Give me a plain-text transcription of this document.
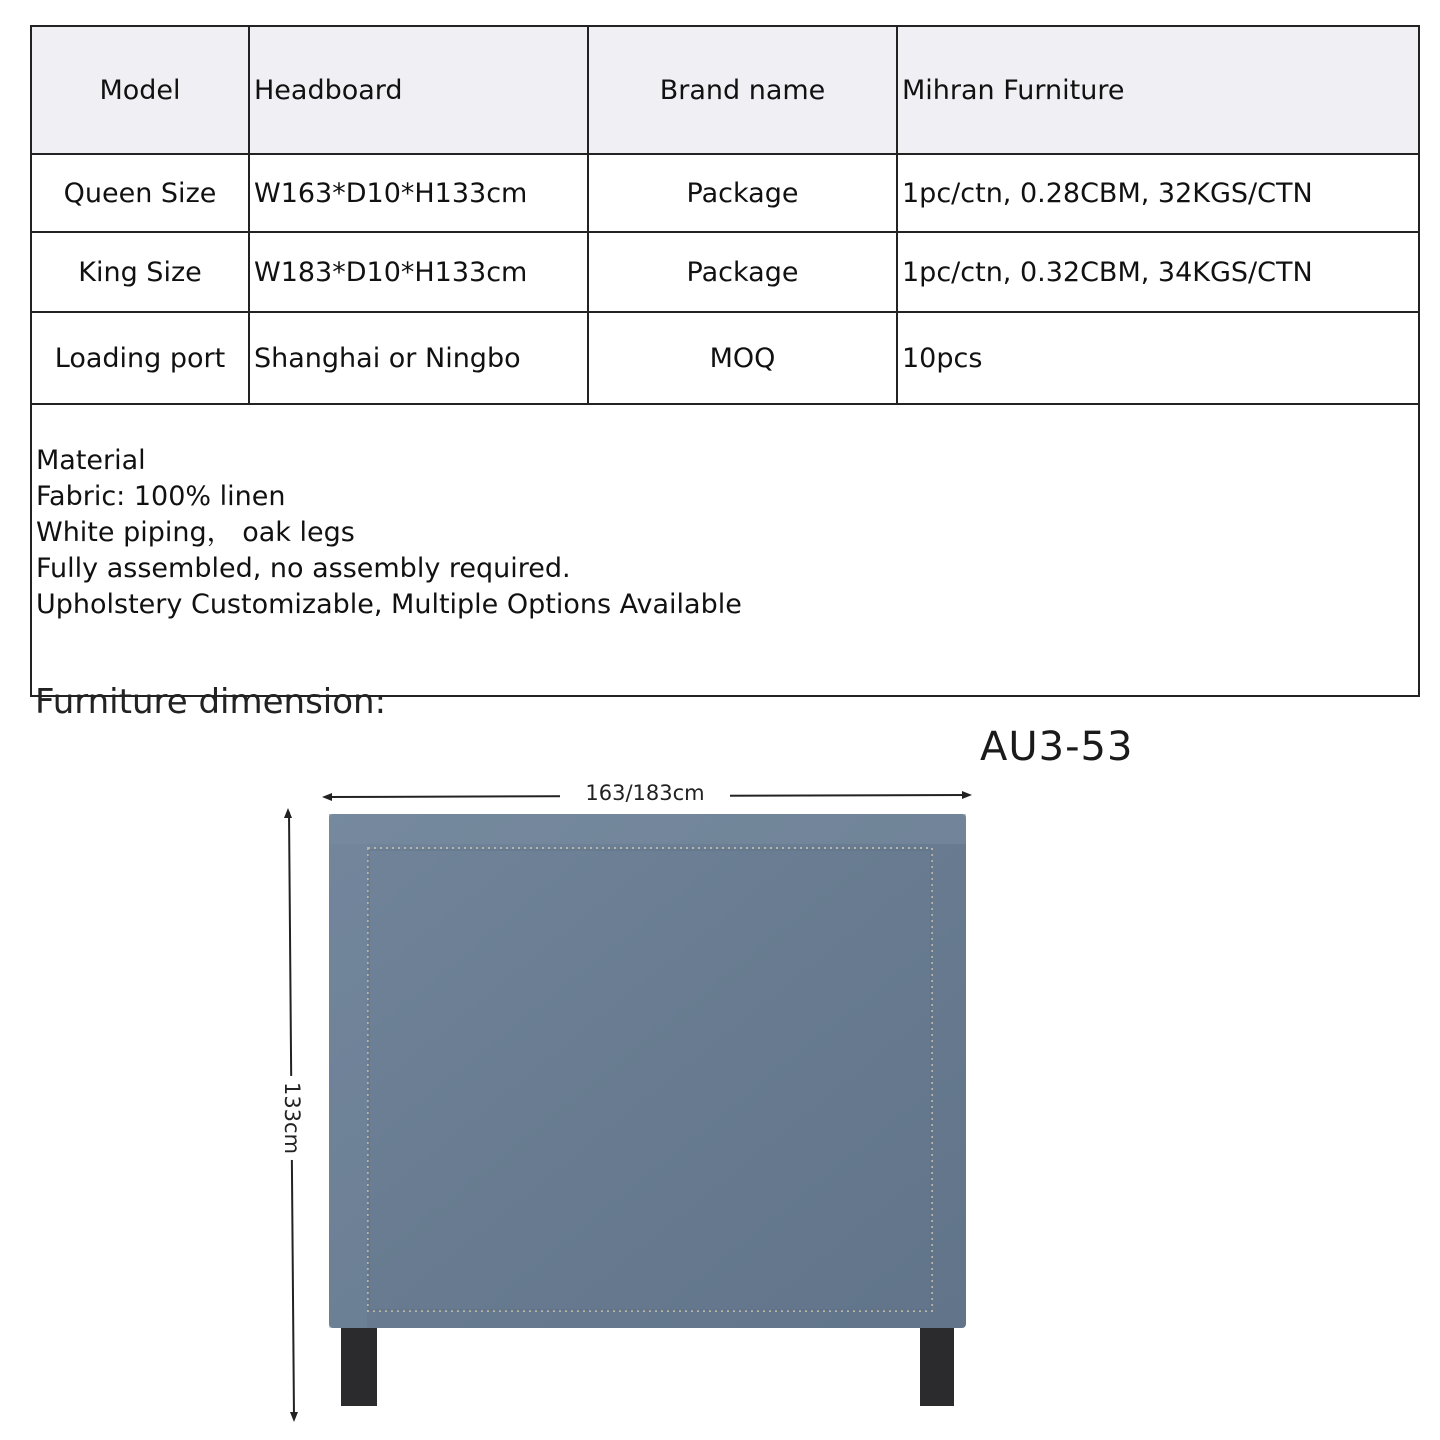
Model	Headboard	Brand name	Mihran Furniture
Queen Size	W163*D10*H133cm	Package	1pc/ctn, 0.28CBM, 32KGS/CTN
King Size	W183*D10*H133cm	Package	1pc/ctn, 0.32CBM, 34KGS/CTN
Loading port	Shanghai or Ningbo	MOQ	10pcs

Material
Fabric: 100% linen
White piping， oak legs
Fully assembled, no assembly required.
Upholstery Customizable, Multiple Options Available			
Furniture dimension:
AU3-53
163/183cm
133cm
